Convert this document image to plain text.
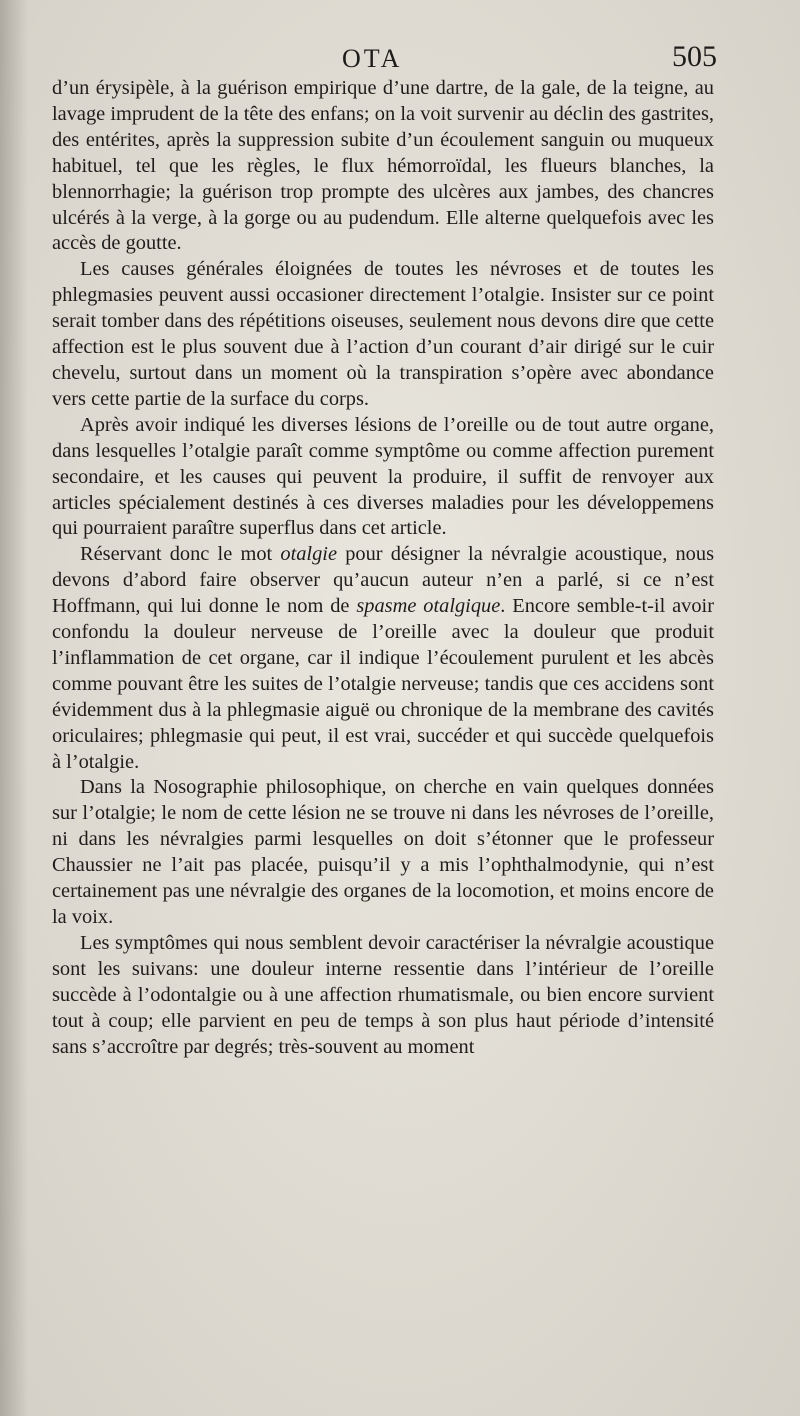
OTA	505

d’un érysipèle, à la guérison empirique d’une dartre, de la gale, de la teigne, au lavage imprudent de la tête des enfans; on la voit survenir au déclin des gastrites, des entérites, après la suppression subite d’un écoulement sanguin ou muqueux habituel, tel que les règles, le flux hémorroïdal, les flueurs blanches, la blennorrhagie; la guérison trop prompte des ulcères aux jambes, des chancres ulcérés à la verge, à la gorge ou au pudendum. Elle alterne quelquefois avec les accès de goutte.

Les causes générales éloignées de toutes les névroses et de toutes les phlegmasies peuvent aussi occasioner directement l’otalgie. Insister sur ce point serait tomber dans des répétitions oiseuses, seulement nous devons dire que cette affection est le plus souvent due à l’action d’un courant d’air dirigé sur le cuir chevelu, surtout dans un moment où la transpiration s’opère avec abondance vers cette partie de la surface du corps.

Après avoir indiqué les diverses lésions de l’oreille ou de tout autre organe, dans lesquelles l’otalgie paraît comme symptôme ou comme affection purement secondaire, et les causes qui peuvent la produire, il suffit de renvoyer aux articles spécialement destinés à ces diverses maladies pour les développemens qui pourraient paraître superflus dans cet article.

Réservant donc le mot otalgie pour désigner la névralgie acoustique, nous devons d’abord faire observer qu’aucun auteur n’en a parlé, si ce n’est Hoffmann, qui lui donne le nom de spasme otalgique. Encore semble-t-il avoir confondu la douleur nerveuse de l’oreille avec la douleur que produit l’inflammation de cet organe, car il indique l’écoulement purulent et les abcès comme pouvant être les suites de l’otalgie nerveuse; tandis que ces accidens sont évidemment dus à la phlegmasie aiguë ou chronique de la membrane des cavités oriculaires; phlegmasie qui peut, il est vrai, succéder et qui succède quelquefois à l’otalgie.

Dans la Nosographie philosophique, on cherche en vain quelques données sur l’otalgie; le nom de cette lésion ne se trouve ni dans les névroses de l’oreille, ni dans les névralgies parmi lesquelles on doit s’étonner que le professeur Chaussier ne l’ait pas placée, puisqu’il y a mis l’ophthalmodynie, qui n’est certainement pas une névralgie des organes de la locomotion, et moins encore de la voix.

Les symptômes qui nous semblent devoir caractériser la névralgie acoustique sont les suivans: une douleur interne ressentie dans l’intérieur de l’oreille succède à l’odontalgie ou à une affection rhumatismale, ou bien encore survient tout à coup; elle parvient en peu de temps à son plus haut période d’intensité sans s’accroître par degrés; très-souvent au moment
